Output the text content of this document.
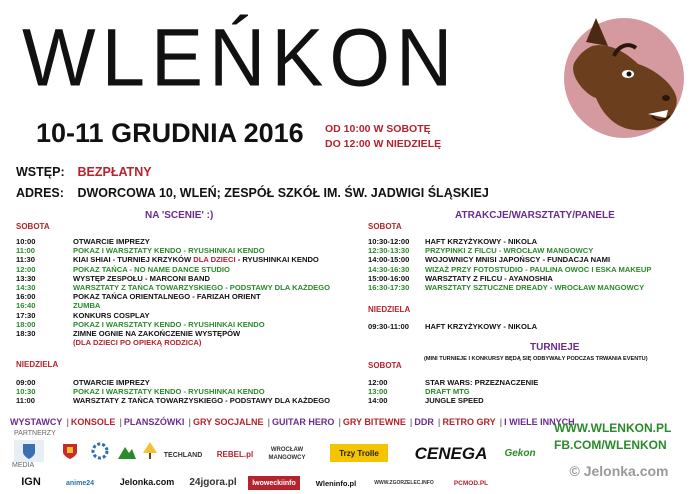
WLEŃKON
10-11 GRUDNIA 2016 OD 10:00 W SOBOTĘ
DO 12:00 W NIEDZIELĘ
WSTĘP: BEZPŁATNY
ADRES: DWORCOWA 10, WLEŃ; ZESPÓŁ SZKÓŁ IM. ŚW. JADWIGI ŚLĄSKIEJ
NA 'SCENIE' :)
SOBOTA
10:00	OTWARCIE IMPREZY
11:00	POKAZ I WARSZTATY KENDO - RYUSHINKAI KENDO
11:30	KIAI SHIAI - TURNIEJ KRZYKÓW DLA DZIECI - RYUSHINKAI KENDO
12:00	POKAZ TAŃCA - NO NAME DANCE STUDIO
13:30	WYSTĘP ZESPOŁU - MARCONI BAND
14:30	WARSZTATY Z TAŃCA TOWARZYSKIEGO - PODSTAWY DLA KAŻDEGO
16:00	POKAZ TAŃCA ORIENTALNEGO - FARIZAH ORIENT
16:40	ZUMBA
17:30	KONKURS COSPLAY
18:00	POKAZ I WARSZTATY KENDO - RYUSHINKAI KENDO
18:30	ZIMNE OGNIE NA ZAKOŃCZENIE WYSTĘPÓW
(DLA DZIECI PO OPIEKĄ RODZICA)
NIEDZIELA
09:00	OTWARCIE IMPREZY
10:30	POKAZ I WARSZTATY KENDO - RYUSHINKAI KENDO
11:00	WARSZTATY Z TAŃCA TOWARZYSKIEGO - PODSTAWY DLA KAŻDEGO
ATRAKCJE/WARSZTATY/PANELE
SOBOTA
10:30-12:00	HAFT KRZYŻYKOWY - NIKOLA
12:30-13:30	PRZYPINKI Z FILCU - WROCŁAW MANGOWCY
14:00-15:00	WOJOWNICY MNISI JAPOŃSCY - FUNDACJA NAMI
14:30-16:30	WIZAŻ PRZY FOTOSTUDIO - PAULINA OWOC I ESKA MAKEUP
15:00-16:00	WARSZTATY Z FILCU - AYANOSHIA
16:30-17:30	WARSZTATY SZTUCZNE DREADY - WROCŁAW MANGOWCY
NIEDZIELA
09:30-11:00	HAFT KRZYŻYKOWY - NIKOLA
TURNIEJE
(MINI TURNIEJE I KONKURSY BĘDĄ SIĘ ODBYWAŁY PODCZAS TRWANIA EVENTU)
SOBOTA
12:00	STAR WARS: PRZEZNACZENIE
13:00	DRAFT MTG
14:00	JUNGLE SPEED
WYSTAWCY | KONSOLE | PLANSZÓWKI | GRY SOCJALNE | GUITAR HERO | GRY BITEWNE | DDR | RETRO GRY | I WIELE INNYCH
PARTNERZY
MEDIA
WWW.WLENKON.PL
FB.COM/WLENKON
TECHLAND	REBEL.pl	WROCŁAW MANGOWCY
Trzy Trolle	CENEGA	Gekon
IGN	anime24	Jelonka.com	24jgora.pl	lwoweckiinfo	Wleninfo.pl	WWW.ZGORZELEC.INFO	PCMOD.PL
© Jelonka.com
